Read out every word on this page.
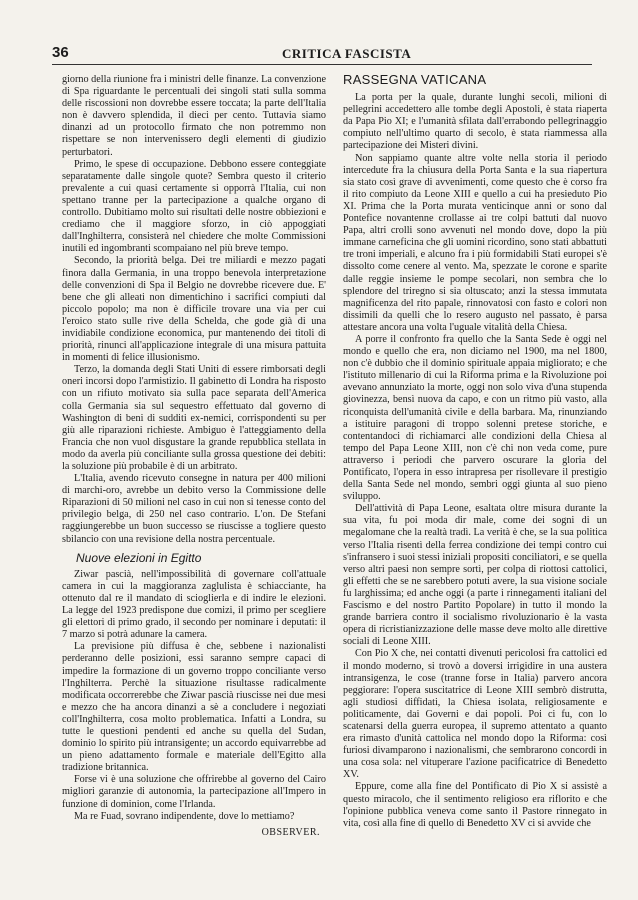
36	CRITICA FASCISTA

giorno della riunione fra i ministri delle finanze. La convenzione di Spa riguardante le percentuali dei singoli stati sulla somma delle riscossioni non dovrebbe essere toccata; la parte dell'Italia non è davvero splendida, il dieci per cento. Tuttavia siamo dinanzi ad un protocollo firmato che non potremmo non rispettare se non intervenissero degli elementi di giudizio perturbatori.

Primo, le spese di occupazione. Debbono essere conteggiate separatamente dalle singole quote? Sembra questo il criterio prevalente a cui quasi certamente si opporrà l'Italia, cui non spettano tranne per la partecipazione a qualche organo di controllo. Dubitiamo molto sui risultati delle nostre obbiezioni e crediamo che il maggiore sforzo, in ciò appoggiati dall'Inghilterra, consisterà nel chiedere che molte Commissioni inutili ed ingombranti scompaiano nel più breve tempo.

Secondo, la priorità belga. Dei tre miliardi e mezzo pagati finora dalla Germania, in una troppo benevola interpretazione delle convenzioni di Spa il Belgio ne dovrebbe ricevere due. E' bene che gli alleati non dimentichino i sacrifici compiuti dal piccolo popolo; ma non è difficile trovare una via per cui l'eroico stato sulle rive della Schelda, che gode già di una invidiabile condizione economica, pur mantenendo dei titoli di priorità, rinunci all'applicazione integrale di una misura pattuita in momenti di felice illusionismo.

Terzo, la domanda degli Stati Uniti di essere rimborsati degli oneri incorsi dopo l'armistizio. Il gabinetto di Londra ha risposto con un rifiuto motivato sia sulla pace separata dell'America colla Germania sia sul sequestro effettuato dal governo di Washington di beni di sudditi ex-nemici, corrispondenti su per giù alle riparazioni richieste. Ambiguo è l'atteggiamento della Francia che non vuol disgustare la grande repubblica stellata in modo da averla più conciliante sulla grossa questione dei debiti: la soluzione più probabile è di un arbitrato.

L'Italia, avendo ricevuto consegne in natura per 400 milioni di marchi-oro, avrebbe un debito verso la Commissione delle Riparazioni di 50 milioni nel caso in cui non si tenesse conto del privilegio belga, di 250 nel caso contrario. L'on. De Stefani raggiungerebbe un buon successo se riuscisse a togliere questo sbilancio con una revisione della nostra percentuale.

Nuove elezioni in Egitto

Ziwar pascià, nell'impossibilità di governare coll'attuale camera in cui la maggioranza zaglulista è schiacciante, ha ottenuto dal re il mandato di scioglierla e di indire le elezioni. La legge del 1923 predispone due comizi, il primo per scegliere gli elettori di primo grado, il secondo per nominare i deputati: il 7 marzo si potrà adunare la camera.

La previsione più diffusa è che, sebbene i nazionalisti perderanno delle posizioni, essi saranno sempre capaci di impedire la formazione di un governo troppo conciliante verso l'Inghilterra. Perchè la situazione risultasse radicalmente modificata occorrerebbe che Ziwar pascià riuscisse nei due mesi e mezzo che ha ancora dinanzi a sè a concludere i negoziati coll'Inghilterra, cosa molto problematica. Infatti a Londra, su tutte le questioni pendenti ed anche su quella del Sudan, dominio lo spirito più intransigente; un accordo equivarrebbe ad un pieno adattamento formale e materiale dell'Egitto alla tradizione britannica.

Forse vi è una soluzione che offrirebbe al governo del Cairo migliori garanzie di autonomia, la partecipazione all'Impero in funzione di dominion, come l'Irlanda.

Ma re Fuad, sovrano indipendente, dove lo mettiamo?

OBSERVER.
RASSEGNA VATICANA

La porta per la quale, durante lunghi secoli, milioni di pellegrini accedettero alle tombe degli Apostoli, è stata riaperta da Papa Pio XI; e l'umanità sfilata dall'errabondo pellegrinaggio compiuto nell'ultimo quarto di secolo, è stata riammessa alla partecipazione dei Misteri divini.

Non sappiamo quante altre volte nella storia il periodo intercedute fra la chiusura della Porta Santa e la sua riapertura sia stato così grave di avvenimenti, come questo che è corso fra il rito compiuto da Leone XIII e quello a cui ha presieduto Pio XI. Prima che la Porta murata venticinque anni or sono dal Pontefice novantenne crollasse ai tre colpi battuti dal nuovo Papa, altri crolli sono avvenuti nel mondo dove, dopo la più immane carneficina che gli uomini ricordino, sono stati abbattuti tre troni imperiali, e alcuno fra i più formidabili Stati europei s'è dissolto come cenere al vento. Ma, spezzate le corone e sparite dalle reggie insieme le pompe secolari, non sembra che lo splendore del triregno si sia oltuscato; anzi la stessa immutata magnificenza del rito papale, rinnovatosi con fasto e colori non dissimili da quelli che lo resero augusto nel passato, è parsa attestare ancora una volta l'uguale vitalità della Chiesa.

A porre il confronto fra quello che la Santa Sede è oggi nel mondo e quello che era, non diciamo nel 1900, ma nel 1800, non c'è dubbio che il dominio spirituale appaia migliorato; e che l'istituto millenario di cui la Riforma prima e la Rivoluzione poi avevano annunziato la morte, oggi non solo viva d'una stupenda giovinezza, bensì nuova da capo, e con un ritmo più vasto, alla riconquista dell'umanità civile e della barbara. Ma, rinunziando a istituire paragoni di troppo solenni pretese storiche, e contentandoci di richiamarci alle condizioni della Chiesa al tempo del Papa Leone XIII, non c'è chi non veda come, pure attraverso i periodi che parvero oscurare la gloria del Pontificato, l'opera in esso intrapresa per risollevare il prestigio della Santa Sede nel mondo, sembri oggi giunta al suo pieno sviluppo.

Dell'attività di Papa Leone, esaltata oltre misura durante la sua vita, fu poi moda dir male, come dei sogni di un megalomane che la realtà tradì. La verità è che, se la sua politica verso l'Italia risentì della ferrea condizione dei tempi contro cui s'infransero i suoi stessi iniziali propositi conciliatori, e se quella verso altri paesi non sempre sortì, per colpa di riottosi cattolici, gli effetti che se ne sarebbero potuti avere, la sua visione sociale fu larghissima; ed anche oggi (a parte i rinnegamenti italiani del Fascismo e del nostro Partito Popolare) in tutto il mondo la grande barriera contro il socialismo rivoluzionario è la vasta opera di ricristianizzazione delle masse deve molto alle direttive sociali di Leone XIII.

Con Pio X che, nei contatti divenuti pericolosi fra cattolici ed il mondo moderno, si trovò a doversi irrigidire in una austera intransigenza, le cose (tranne forse in Italia) parvero ancora peggiorare: l'opera suscitatrice di Leone XIII sembrò distrutta, agli studiosi diffidati, la Chiesa isolata, religiosamente e politicamente, dai Governi e dai popoli. Poi ci fu, con lo scatenarsi della guerra europea, il supremo attentato a quanto era rimasto d'unità cattolica nel mondo dopo la Riforma: così furiosi divamparono i nazionalismi, che sembrarono concordi in una cosa sola: nel vituperare l'azione pacificatrice di Benedetto XV.

Eppure, come alla fine del Pontificato di Pio X si assistè a questo miracolo, che il sentimento religioso era riflorito e che l'opinione pubblica veneva come santo il Pastore rinnegato in vita, così alla fine di quello di Benedetto XV ci si avvide che
